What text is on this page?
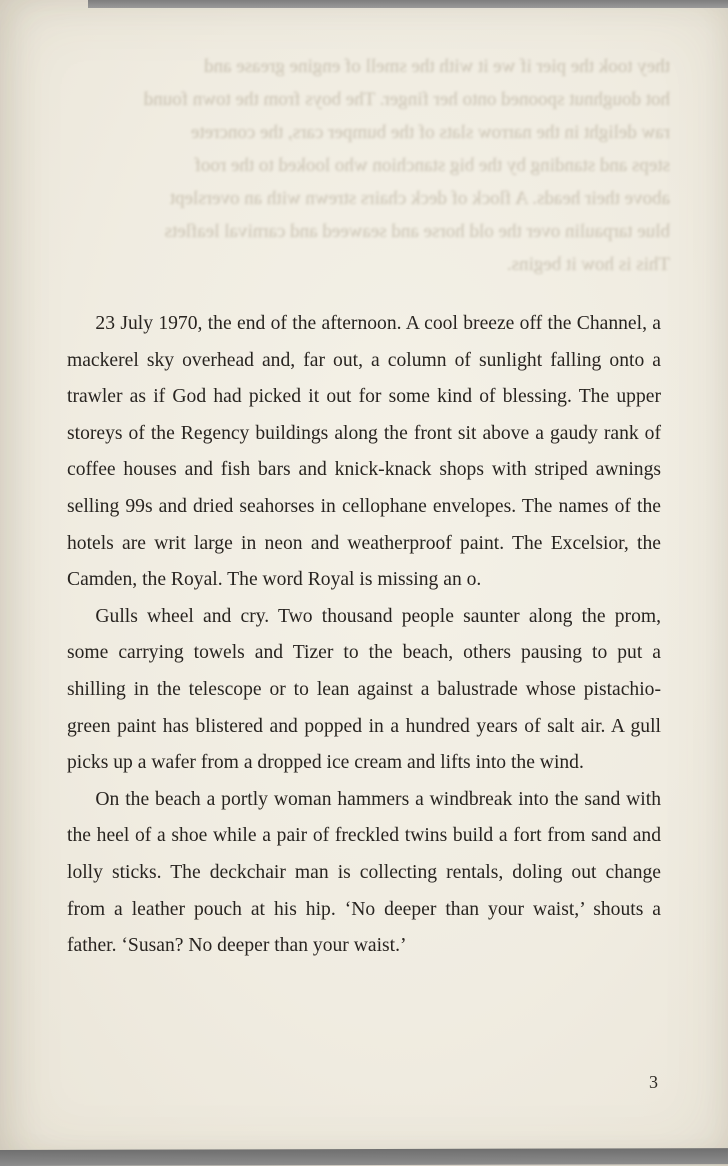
they took the pier if we it with the smell of engine grease and
hot doughnut spooned onto her finger. The boys from the town found
raw delight in the narrow slats of the bumper cars, the concrete
steps and standing by the big stanchion who looked to the roof
above their heads. A flock of deck chairs strewn with an overslept
blue tarpaulin over the old horse and seaweed and carnival leaflets
This is how it begins.

23 July 1970, the end of the afternoon. A cool breeze off the Channel, a mackerel sky overhead and, far out, a column of sunlight falling onto a trawler as if God had picked it out for some kind of blessing. The upper storeys of the Regency buildings along the front sit above a gaudy rank of coffee houses and fish bars and knick-knack shops with striped awnings selling 99s and dried seahorses in cellophane envelopes. The names of the hotels are writ large in neon and weatherproof paint. The Excelsior, the Camden, the Royal. The word Royal is missing an o.

Gulls wheel and cry. Two thousand people saunter along the prom, some carrying towels and Tizer to the beach, others pausing to put a shilling in the telescope or to lean against a balustrade whose pistachio-green paint has blistered and popped in a hundred years of salt air. A gull picks up a wafer from a dropped ice cream and lifts into the wind.

On the beach a portly woman hammers a windbreak into the sand with the heel of a shoe while a pair of freckled twins build a fort from sand and lolly sticks. The deckchair man is collecting rentals, doling out change from a leather pouch at his hip. ‘No deeper than your waist,’ shouts a father. ‘Susan? No deeper than your waist.’

3
